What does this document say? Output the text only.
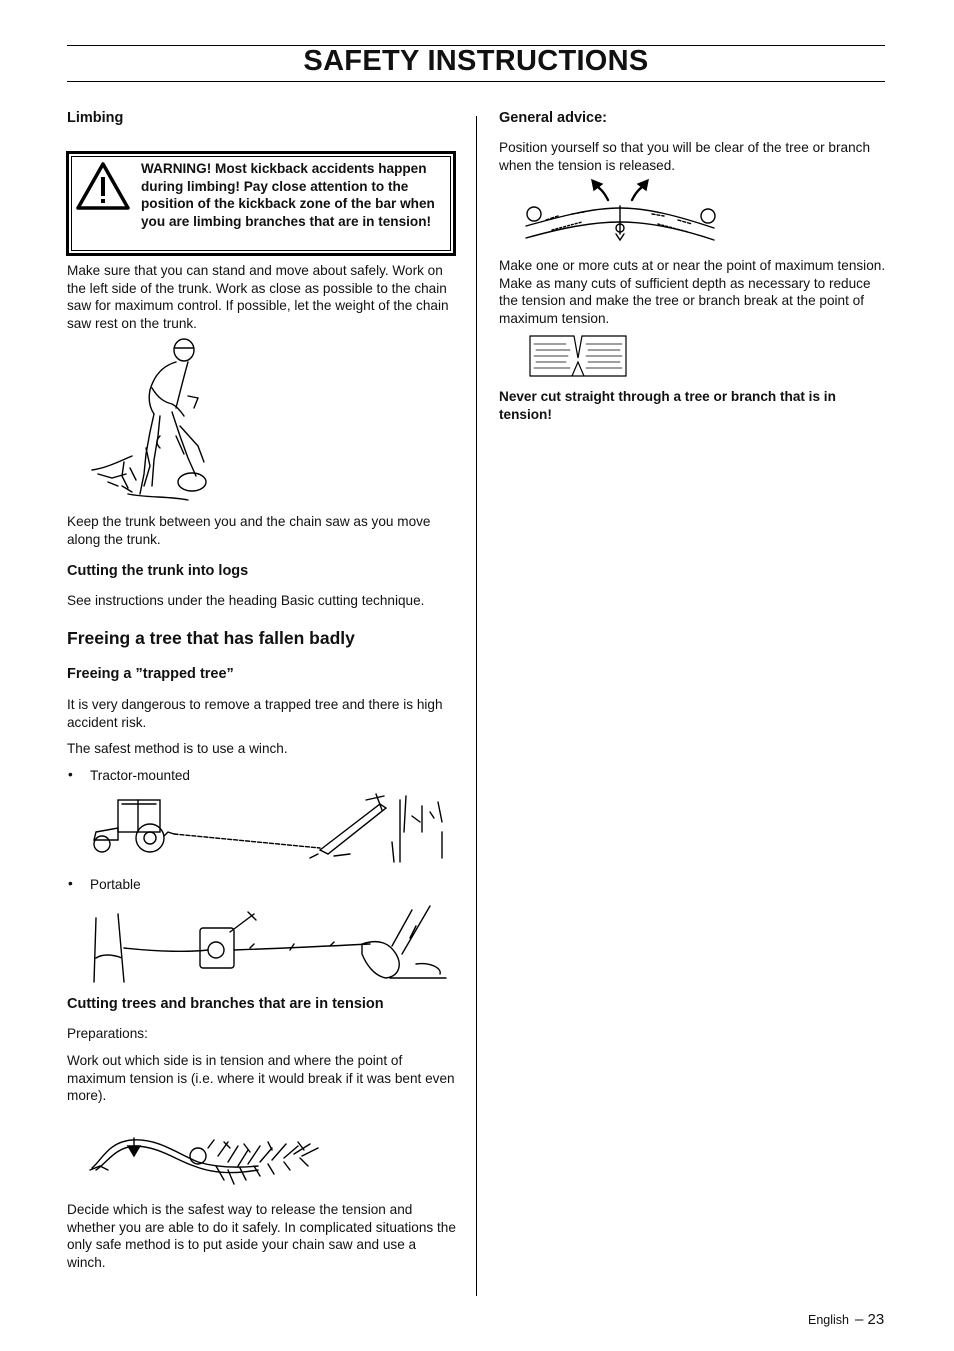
SAFETY INSTRUCTIONS
Limbing
WARNING! Most kickback accidents happen during limbing! Pay close attention to the position of the kickback zone of the bar when you are limbing branches that are in tension!
Make sure that you can stand and move about safely. Work on the left side of the trunk. Work as close as possible to the chain saw for maximum control. If possible, let the weight of the chain saw rest on the trunk.
Keep the trunk between you and the chain saw as you move along the trunk.
Cutting the trunk into logs
See instructions under the heading Basic cutting technique.
Freeing a tree that has fallen badly
Freeing a ”trapped tree”
It is very dangerous to remove a trapped tree and there is high accident risk.
The safest method is to use a winch.
• Tractor-mounted
• Portable
Cutting trees and branches that are in tension
Preparations:
Work out which side is in tension and where the point of maximum tension is (i.e. where it would break if it was bent even more).
Decide which is the safest way to release the tension and whether you are able to do it safely. In complicated situations the only safe method is to put aside your chain saw and use a winch.
General advice:
Position yourself so that you will be clear of the tree or branch when the tension is released.
Make one or more cuts at or near the point of maximum tension. Make as many cuts of sufficient depth as necessary to reduce the tension and make the tree or branch break at the point of maximum tension.
Never cut straight through a tree or branch that is in tension!
English – 23
